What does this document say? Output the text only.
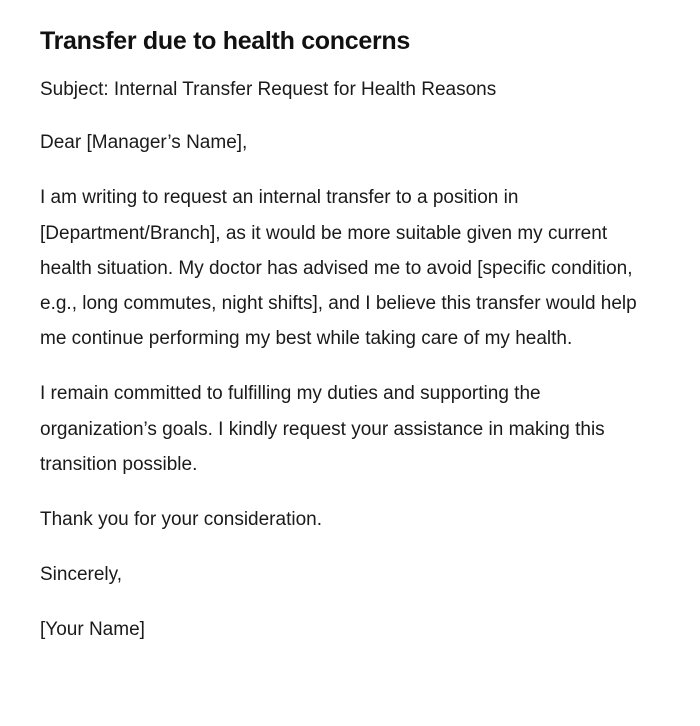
Transfer due to health concerns

Subject: Internal Transfer Request for Health Reasons

Dear [Manager’s Name],

I am writing to request an internal transfer to a position in [Department/Branch], as it would be more suitable given my current health situation. My doctor has advised me to avoid [specific condition, e.g., long commutes, night shifts], and I believe this transfer would help me continue performing my best while taking care of my health.

I remain committed to fulfilling my duties and supporting the organization’s goals. I kindly request your assistance in making this transition possible.

Thank you for your consideration.

Sincerely,

[Your Name]
